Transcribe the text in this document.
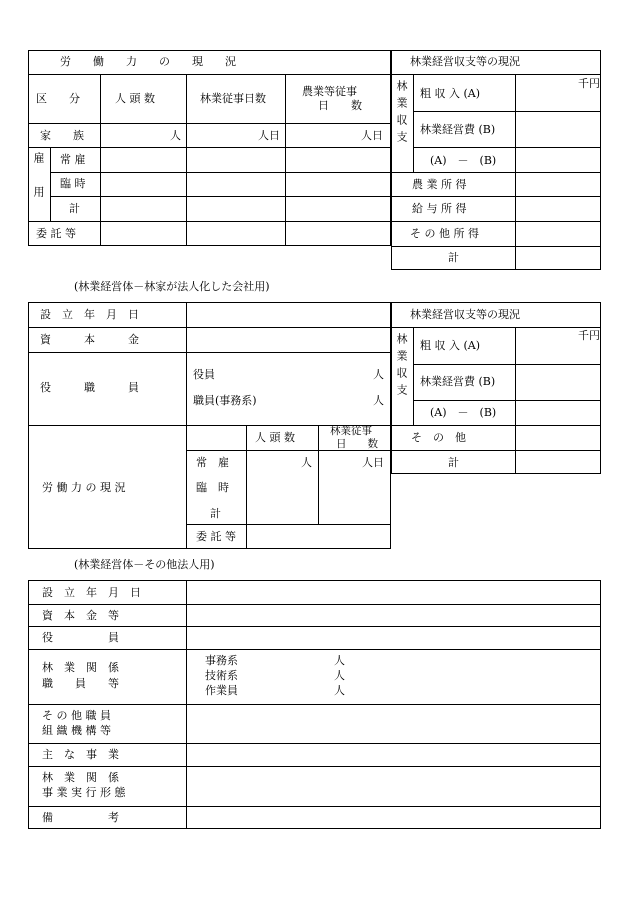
労　　働　　力　　の　　現　　況
区　　分	人 頭 数	林業従事日数
農業等従事
日　　数
家　　族	人	人日	人日
雇　用 常 雇
臨 時
計
委 託 等
林業経営収支等の現況
林業収支	千円
粗 収 入 (A)
林業経営費 (B)
(A)　－　(B)
農 業 所 得
給 与 所 得
そ の 他 所 得
計
(林業経営体－林家が法人化した会社用)
設　立　年　月　日
資　　　本　　　金
役　　　職　　　員
役員	人
職員(事務系)	人
労 働 力 の 現 況
人 頭 数	林業従事
日　　数
常　雇	人	人日
臨　時
計
委 託 等
林業経営収支等の現況
林業収支	千円
粗 収 入 (A)
林業経営費 (B)
(A)　－　(B)
そ　の　他
計
(林業経営体－その他法人用)
設　立　年　月　日
資　本　金　等
役　　　　　員
林　業　関　係
職　　員　　等
事務系	人
技術系	人
作業員	人
そ の 他 職 員
組 織 機 構 等
主　な　事　業
林　業　関　係
事 業 実 行 形 態
備　　　　　考
